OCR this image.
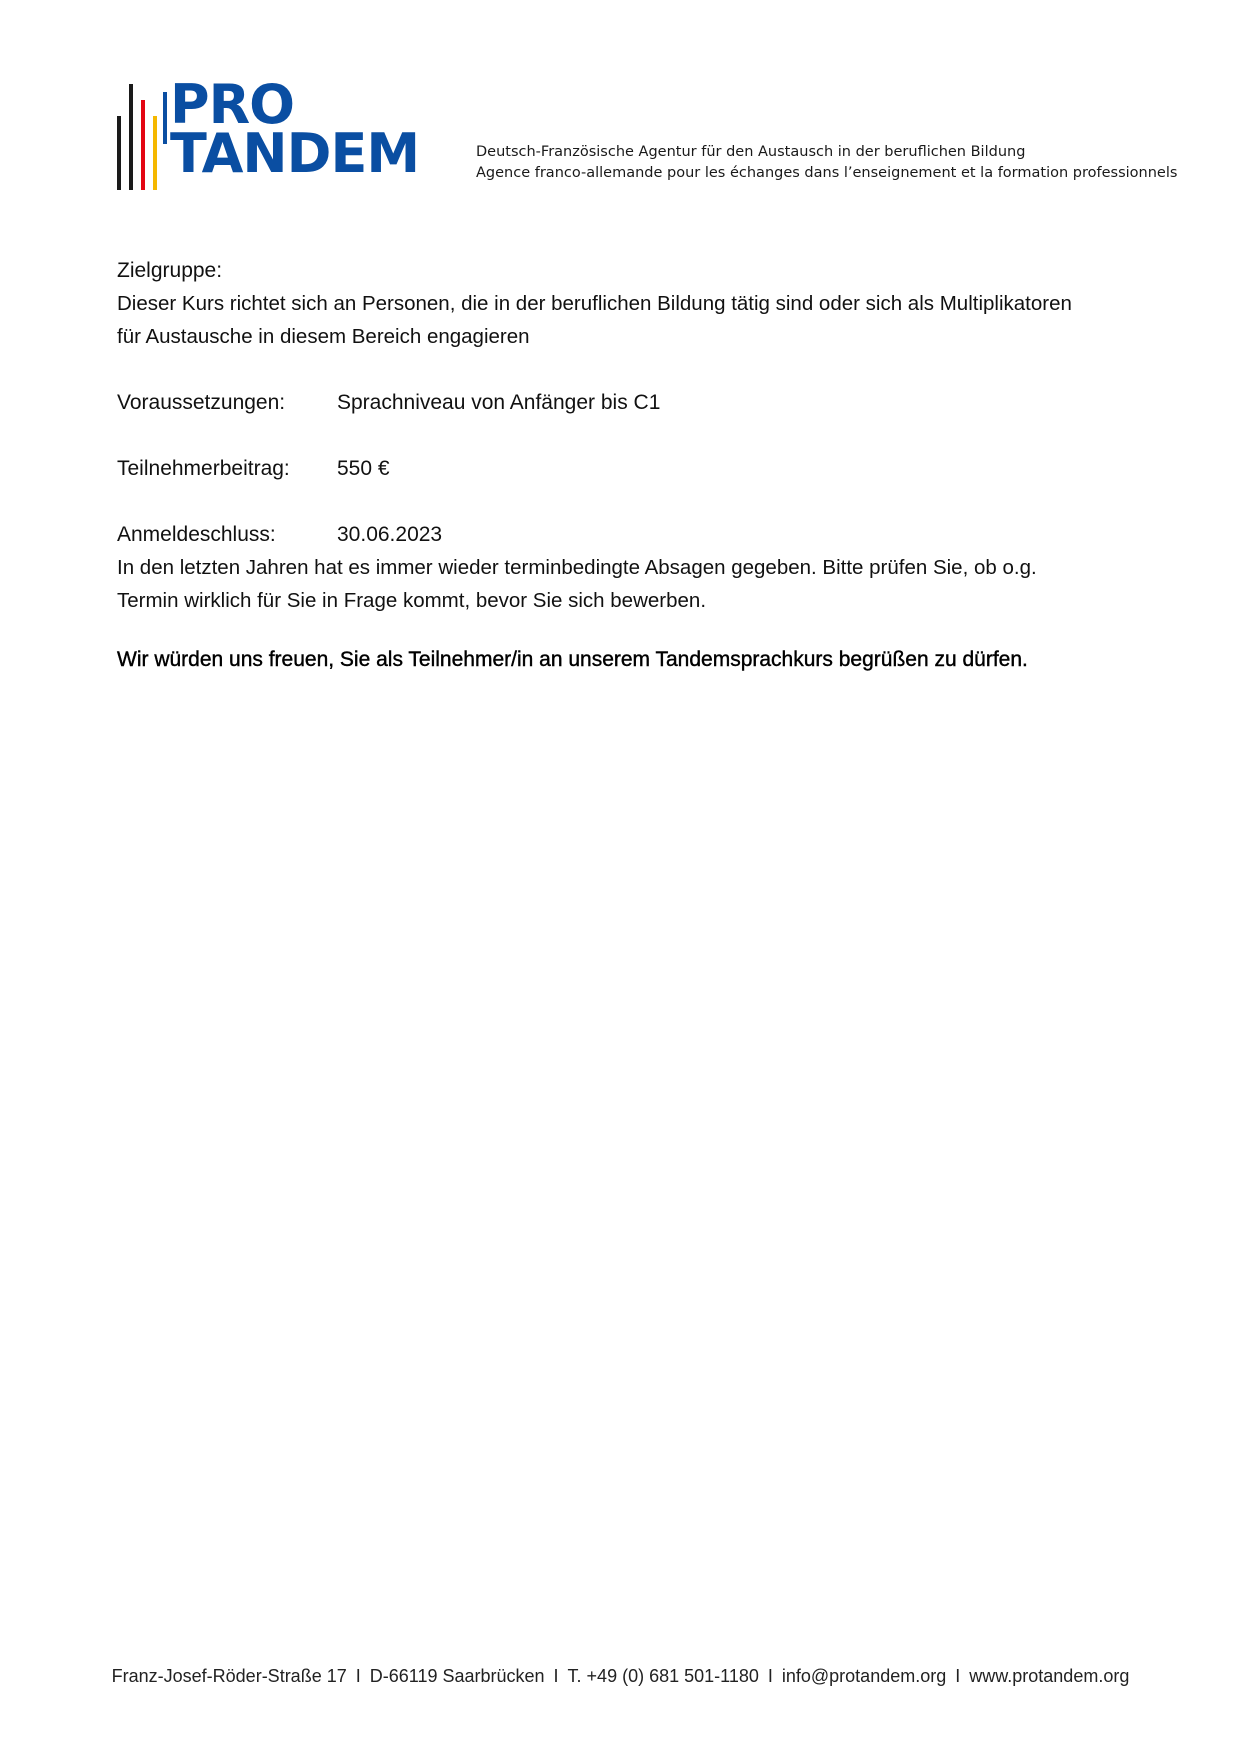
PRO
TANDEM	Deutsch-Französische Agentur für den Austausch in der beruflichen Bildung
Agence franco-allemande pour les échanges dans l’enseignement et la formation professionnels
Zielgruppe:
Dieser Kurs richtet sich an Personen, die in der beruflichen Bildung tätig sind oder sich als Multiplikatoren
für Austausche in diesem Bereich engagieren
Voraussetzungen: Sprachniveau von Anfänger bis C1
Teilnehmerbeitrag: 550 €
Anmeldeschluss:	30.06.2023
In den letzten Jahren hat es immer wieder terminbedingte Absagen gegeben. Bitte prüfen Sie, ob o.g.
Termin wirklich für Sie in Frage kommt, bevor Sie sich bewerben.
Wir würden uns freuen, Sie als Teilnehmer/in an unserem Tandemsprachkurs begrüßen zu dürfen.
Franz-Josef-Röder-Straße 17 I D-66119 Saarbrücken I T. +49 (0) 681 501-1180 I info@protandem.org I www.protandem.org
